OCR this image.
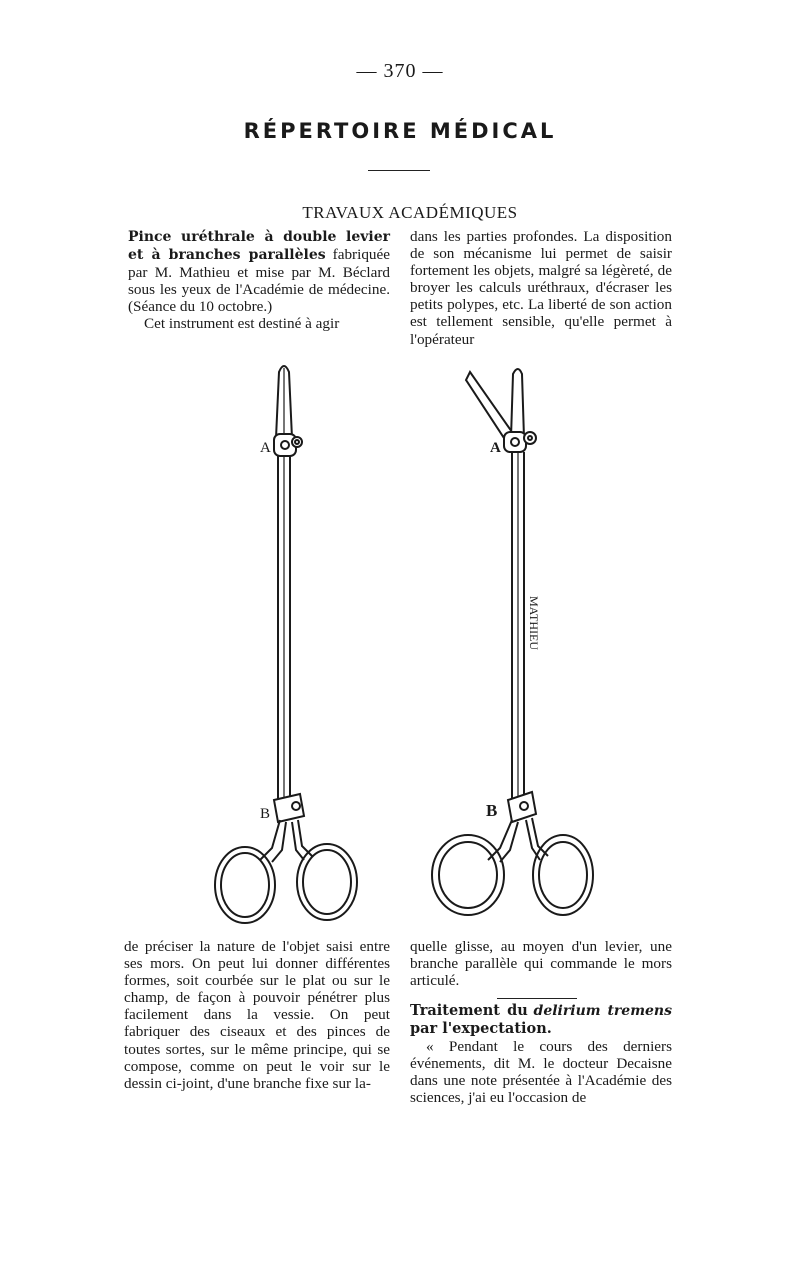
— 370 —
RÉPERTOIRE MÉDICAL
TRAVAUX ACADÉMIQUES

Pince uréthrale à double levier et à branches parallèles fabriquée par M. Mathieu et mise par M. Béclard sous les yeux de l'Académie de médecine. (Séance du 10 octobre.)

Cet instrument est destiné à agir

dans les parties profondes. La disposition de son mécanisme lui permet de saisir fortement les objets, malgré sa légèreté, de broyer les calculs uréthraux, d'écraser les petits polypes, etc. La liberté de son action est tellement sensible, qu'elle permet à l'opérateur

A
B
A
B
MATHIEU

de préciser la nature de l'objet saisi entre ses mors. On peut lui donner différentes formes, soit courbée sur le plat ou sur le champ, de façon à pouvoir pénétrer plus facilement dans la vessie. On peut fabriquer des ciseaux et des pinces de toutes sortes, sur le même principe, qui se compose, comme on peut le voir sur le dessin ci-joint, d'une branche fixe sur la-

quelle glisse, au moyen d'un levier, une branche parallèle qui commande le mors articulé.

Traitement du delirium tremens par l'expectation.

« Pendant le cours des derniers événements, dit M. le docteur Decaisne dans une note présentée à l'Académie des sciences, j'ai eu l'occasion de
